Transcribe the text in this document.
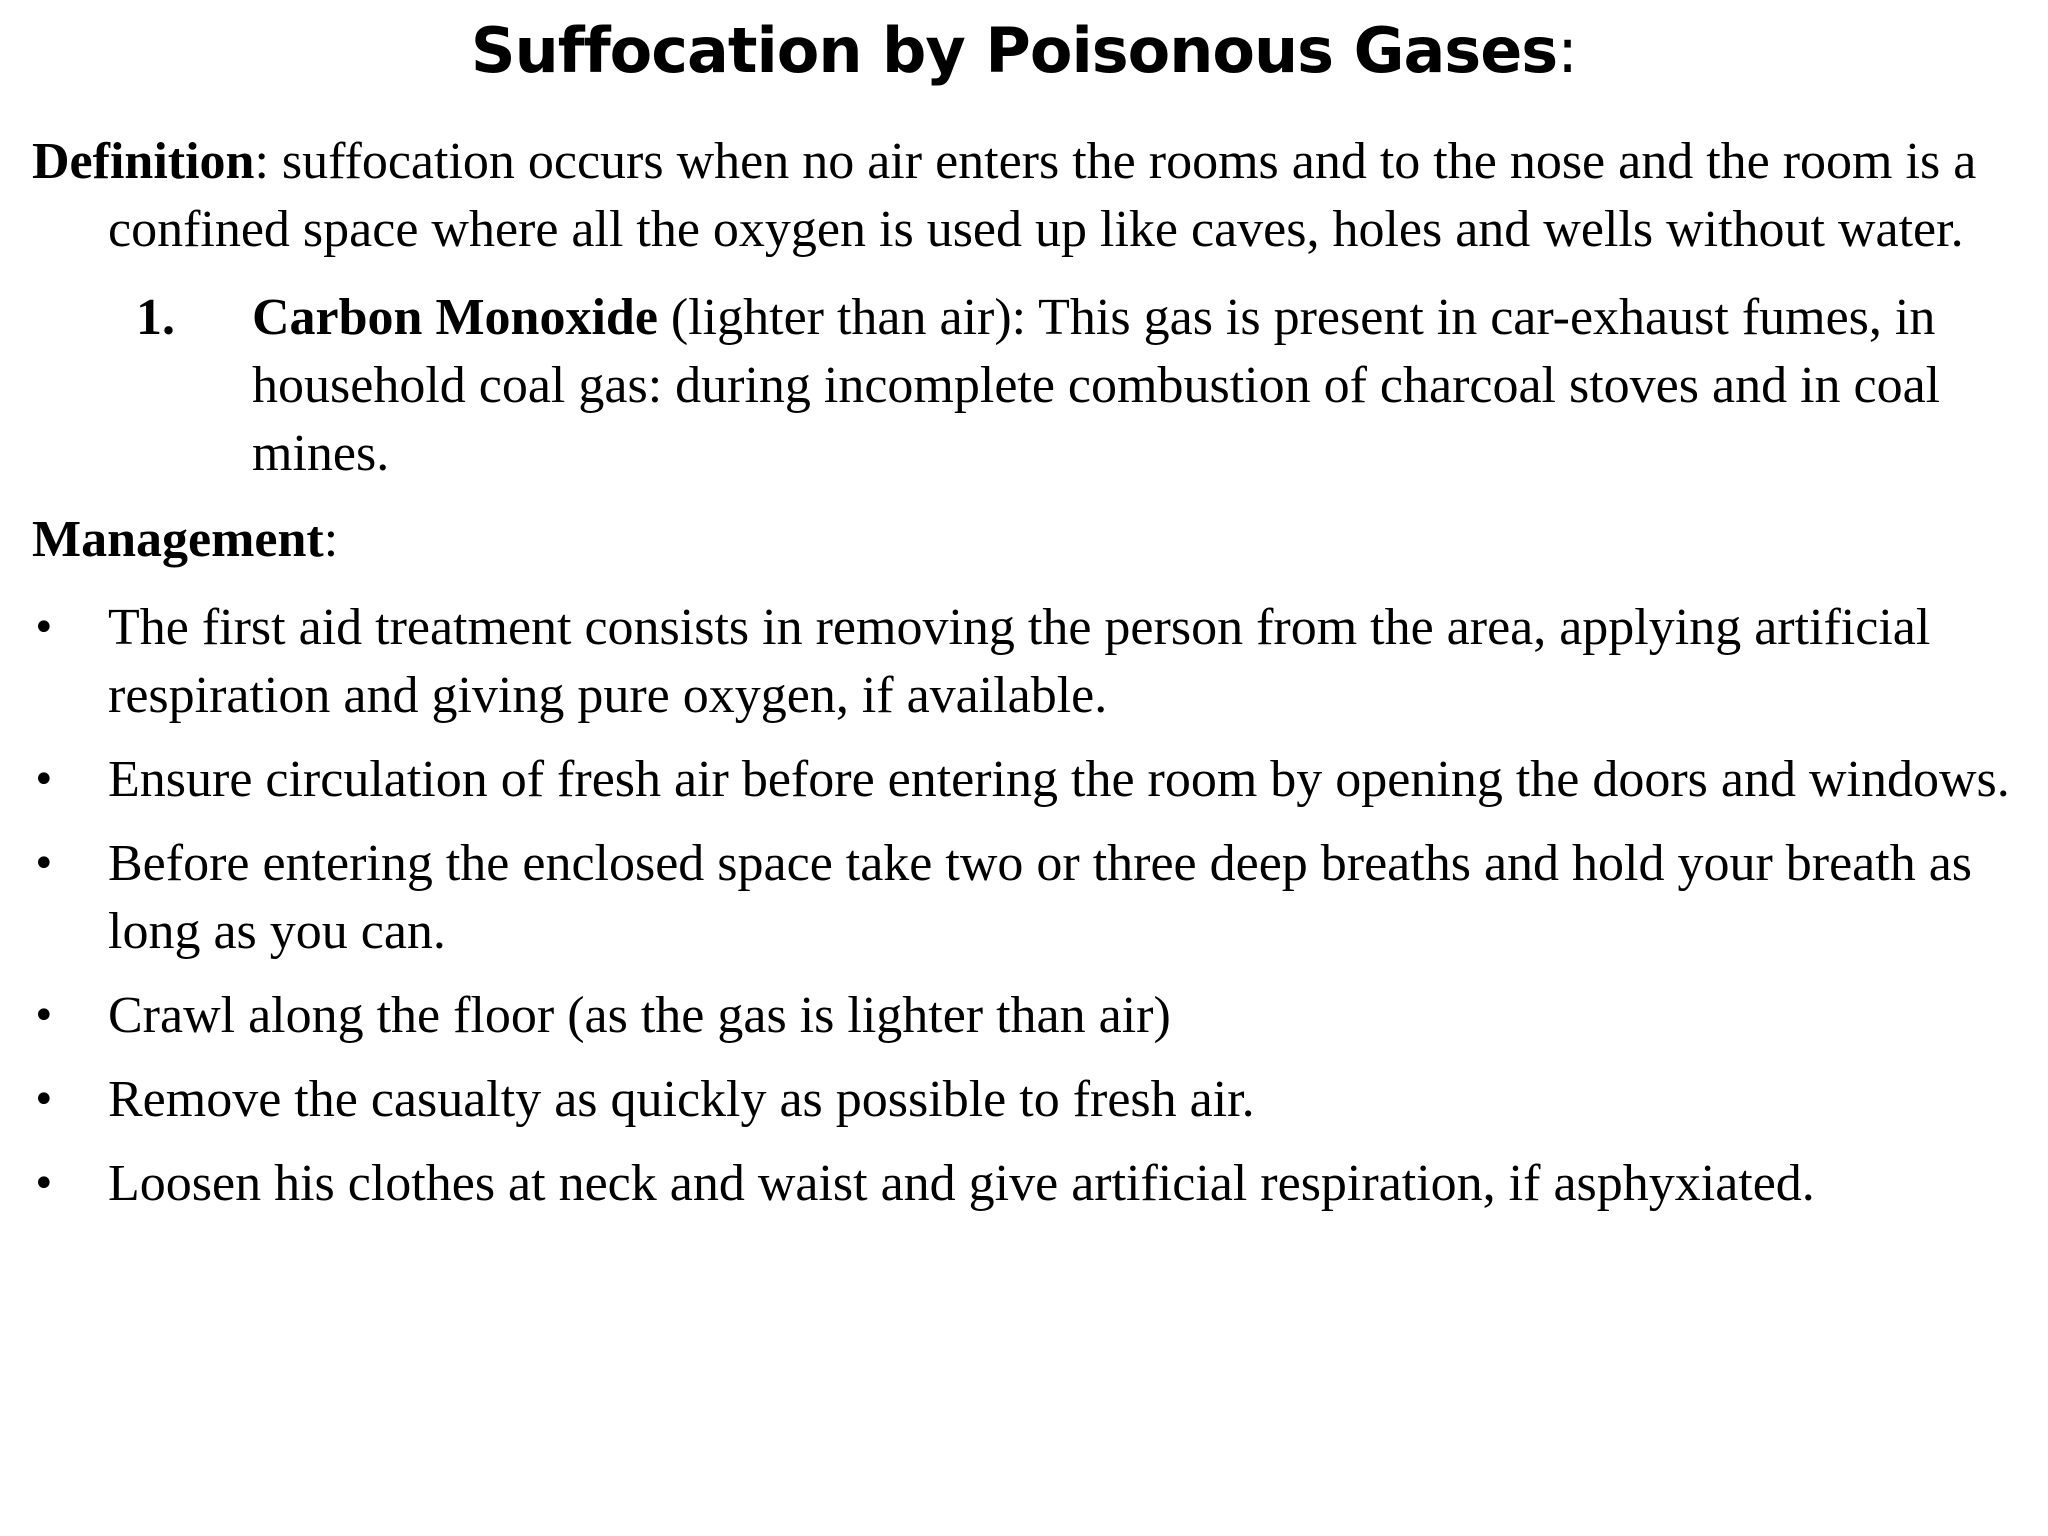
Suffocation by Poisonous Gases:

Definition: suffocation occurs when no air enters the rooms and to the nose and the room is a confined space where all the oxygen is used up like caves, holes and wells without water.

1. Carbon Monoxide (lighter than air): This gas is present in car-exhaust fumes, in household coal gas: during incomplete combustion of charcoal stoves and in coal mines.

Management:

• The first aid treatment consists in removing the person from the area, applying artificial respiration and giving pure oxygen, if available.
• Ensure circulation of fresh air before entering the room by opening the doors and windows.
• Before entering the enclosed space take two or three deep breaths and hold your breath as long as you can.
• Crawl along the floor (as the gas is lighter than air)
• Remove the casualty as quickly as possible to fresh air.
• Loosen his clothes at neck and waist and give artificial respiration, if asphyxiated.
